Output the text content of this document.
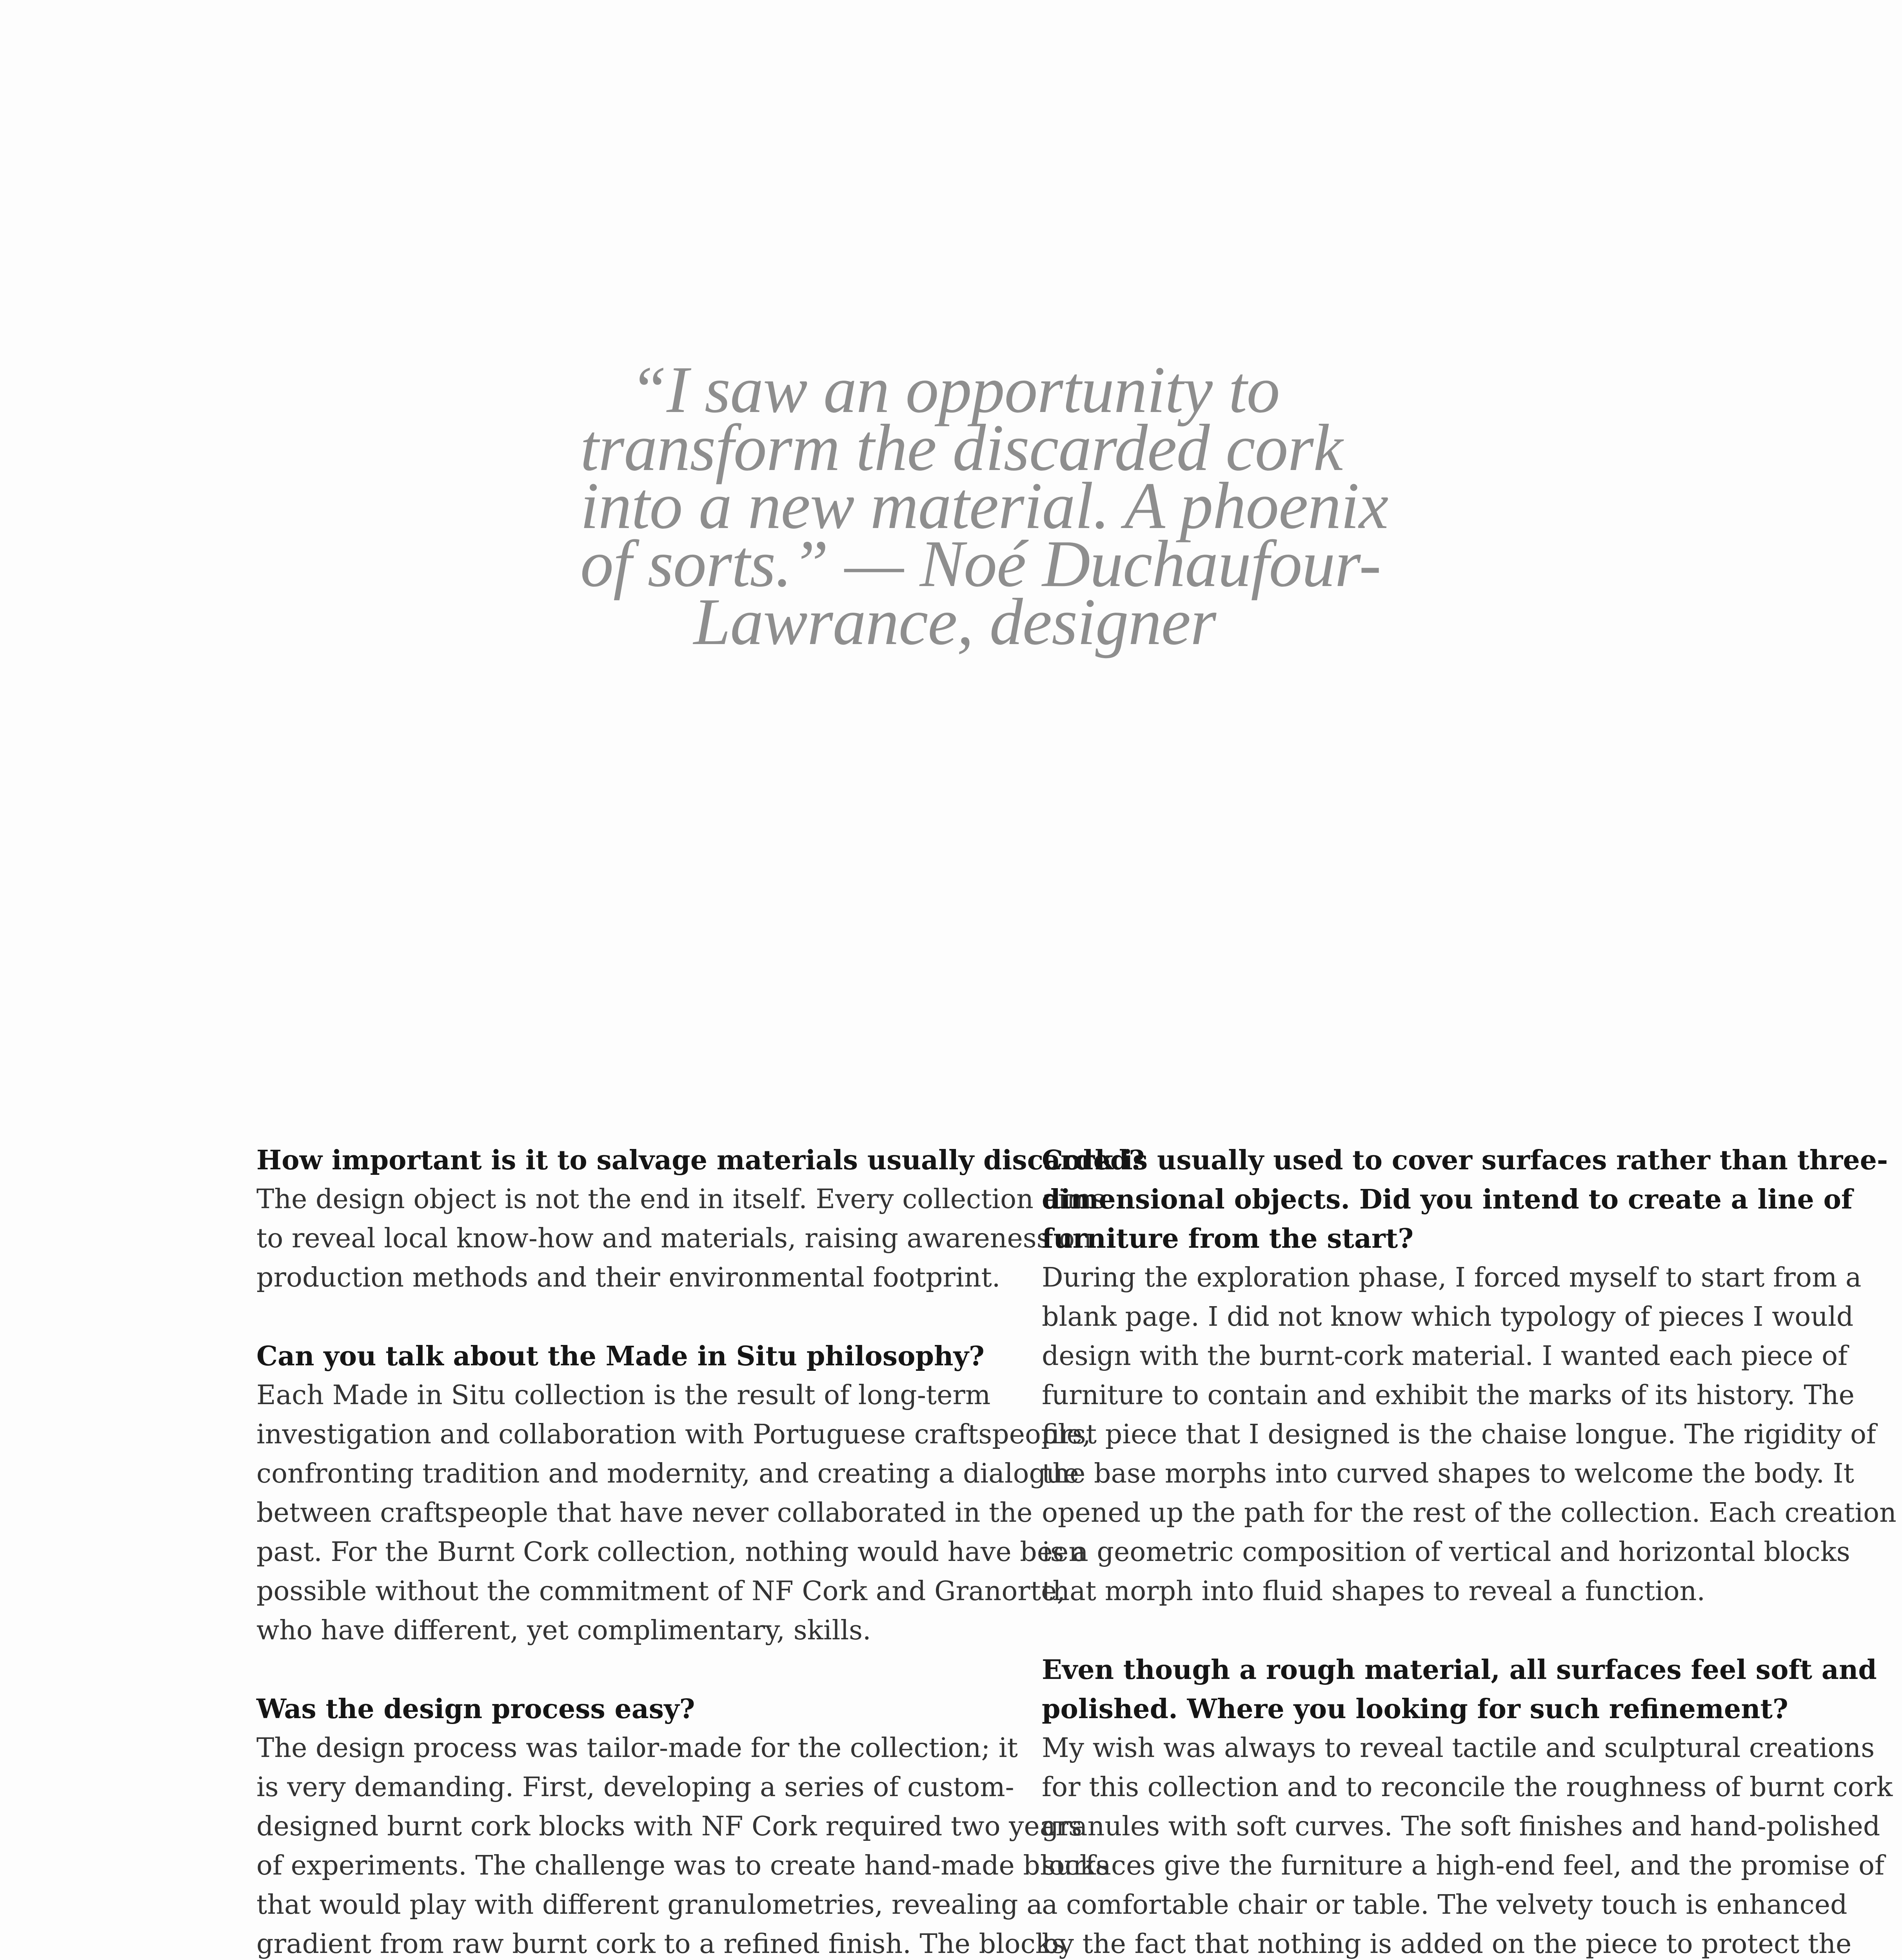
“I saw an opportunity to
transform the discarded cork
into a new material. A phoenix
of sorts.” — Noé Duchaufour-
Lawrance, designer
How important is it to salvage materials usually discarded?
The design object is not the end in itself. Every collection aims
to reveal local know-how and materials, raising awareness on
production methods and their environmental footprint.
Can you talk about the Made in Situ philosophy?
Each Made in Situ collection is the result of long-term
investigation and collaboration with Portuguese craftspeople,
confronting tradition and modernity, and creating a dialogue
between craftspeople that have never collaborated in the
past. For the Burnt Cork collection, nothing would have been
possible without the commitment of NF Cork and Granorte,
who have different, yet complimentary, skills.
Was the design process easy?
The design process was tailor-made for the collection; it
is very demanding. First, developing a series of custom-
designed burnt cork blocks with NF Cork required two years
of experiments. The challenge was to create hand-made blocks
that would play with different granulometries, revealing a
gradient from raw burnt cork to a refined finish. The blocks
Cork is usually used to cover surfaces rather than three-
dimensional objects. Did you intend to create a line of
furniture from the start?
During the exploration phase, I forced myself to start from a
blank page. I did not know which typology of pieces I would
design with the burnt-cork material. I wanted each piece of
furniture to contain and exhibit the marks of its history. The
first piece that I designed is the chaise longue. The rigidity of
the base morphs into curved shapes to welcome the body. It
opened up the path for the rest of the collection. Each creation
is a geometric composition of vertical and horizontal blocks
that morph into fluid shapes to reveal a function.
Even though a rough material, all surfaces feel soft and
polished. Where you looking for such refinement?
My wish was always to reveal tactile and sculptural creations
for this collection and to reconcile the roughness of burnt cork
granules with soft curves. The soft finishes and hand-polished
surfaces give the furniture a high-end feel, and the promise of
a comfortable chair or table. The velvety touch is enhanced
by the fact that nothing is added on the piece to protect the
